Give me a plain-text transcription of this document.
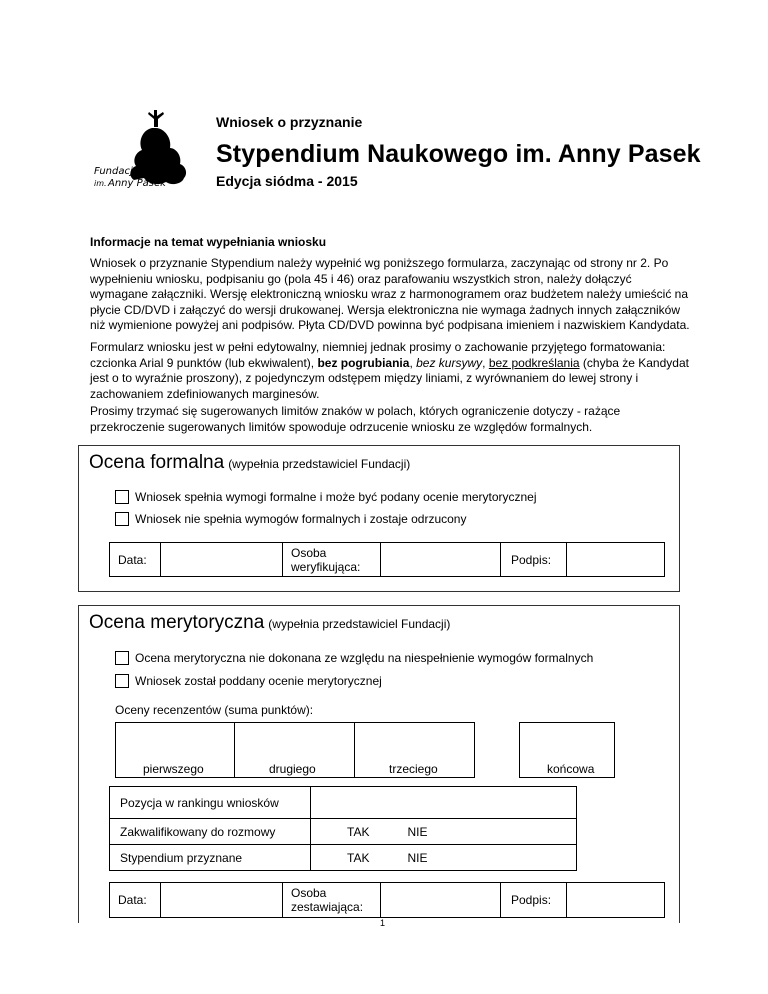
Fundacja
im. Anny Pasek
Wniosek o przyznanie
Stypendium Naukowego im. Anny Pasek
Edycja siódma - 2015
Informacje na temat wypełniania wniosku
Wniosek o przyznanie Stypendium należy wypełnić wg poniższego formularza, zaczynając od strony nr 2. Po wypełnieniu wniosku, podpisaniu go (pola 45 i 46) oraz parafowaniu wszystkich stron, należy dołączyć wymagane załączniki. Wersję elektroniczną wniosku wraz z harmonogramem oraz budżetem należy umieścić na płycie CD/DVD i załączyć do wersji drukowanej. Wersja elektroniczna nie wymaga żadnych innych załączników niż wymienione powyżej ani podpisów. Płyta CD/DVD powinna być podpisana imieniem i nazwiskiem Kandydata.
Formularz wniosku jest w pełni edytowalny, niemniej jednak prosimy o zachowanie przyjętego formatowania: czcionka Arial 9 punktów (lub ekwiwalent), bez pogrubiania, bez kursywy, bez podkreślania (chyba że Kandydat jest o to wyraźnie proszony), z pojedynczym odstępem między liniami, z wyrównaniem do lewej strony i zachowaniem zdefiniowanych marginesów.
Prosimy trzymać się sugerowanych limitów znaków w polach, których ograniczenie dotyczy - rażące przekroczenie sugerowanych limitów spowoduje odrzucenie wniosku ze względów formalnych.
Ocena formalna (wypełnia przedstawiciel Fundacji)
Wniosek spełnia wymogi formalne i może być podany ocenie merytorycznej
Wniosek nie spełnia wymogów formalnych i zostaje odrzucony
Data:	Osoba weryfikująca:	Podpis:
Ocena merytoryczna (wypełnia przedstawiciel Fundacji)
Ocena merytoryczna nie dokonana ze względu na niespełnienie wymogów formalnych
Wniosek został poddany ocenie merytorycznej
Oceny recenzentów (suma punktów):
pierwszego	drugiego	trzeciego	końcowa
Pozycja w rankingu wniosków
Zakwalifikowany do rozmowy	TAK	NIE
Stypendium przyznane	TAK	NIE
Data:	Osoba zestawiająca:	Podpis:
1
